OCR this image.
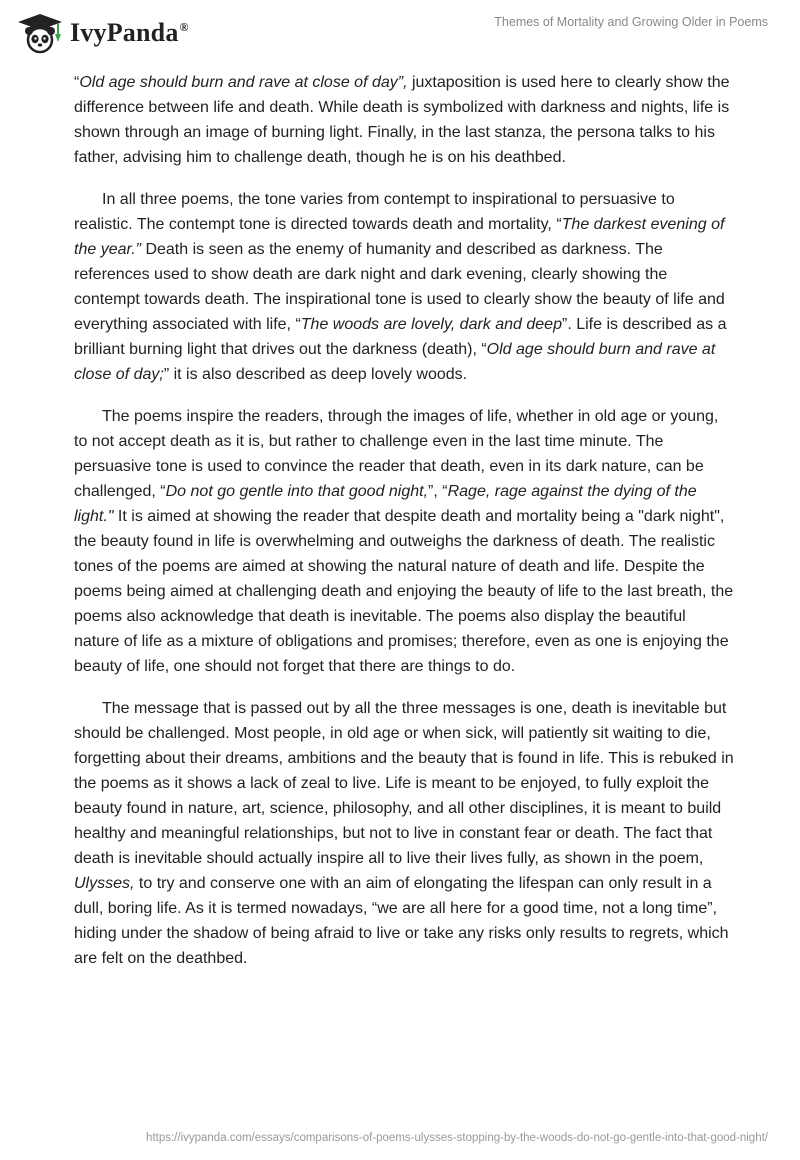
IvyPanda®	Themes of Mortality and Growing Older in Poems

“Old age should burn and rave at close of day”, juxtaposition is used here to clearly show the difference between life and death. While death is symbolized with darkness and nights, life is shown through an image of burning light. Finally, in the last stanza, the persona talks to his father, advising him to challenge death, though he is on his deathbed.

In all three poems, the tone varies from contempt to inspirational to persuasive to realistic. The contempt tone is directed towards death and mortality, “The darkest evening of the year.” Death is seen as the enemy of humanity and described as darkness. The references used to show death are dark night and dark evening, clearly showing the contempt towards death. The inspirational tone is used to clearly show the beauty of life and everything associated with life, “The woods are lovely, dark and deep”. Life is described as a brilliant burning light that drives out the darkness (death), “Old age should burn and rave at close of day;” it is also described as deep lovely woods.

The poems inspire the readers, through the images of life, whether in old age or young, to not accept death as it is, but rather to challenge even in the last time minute. The persuasive tone is used to convince the reader that death, even in its dark nature, can be challenged, “Do not go gentle into that good night,”, “Rage, rage against the dying of the light." It is aimed at showing the reader that despite death and mortality being a "dark night", the beauty found in life is overwhelming and outweighs the darkness of death. The realistic tones of the poems are aimed at showing the natural nature of death and life. Despite the poems being aimed at challenging death and enjoying the beauty of life to the last breath, the poems also acknowledge that death is inevitable. The poems also display the beautiful nature of life as a mixture of obligations and promises; therefore, even as one is enjoying the beauty of life, one should not forget that there are things to do.

The message that is passed out by all the three messages is one, death is inevitable but should be challenged. Most people, in old age or when sick, will patiently sit waiting to die, forgetting about their dreams, ambitions and the beauty that is found in life. This is rebuked in the poems as it shows a lack of zeal to live. Life is meant to be enjoyed, to fully exploit the beauty found in nature, art, science, philosophy, and all other disciplines, it is meant to build healthy and meaningful relationships, but not to live in constant fear or death. The fact that death is inevitable should actually inspire all to live their lives fully, as shown in the poem, Ulysses, to try and conserve one with an aim of elongating the lifespan can only result in a dull, boring life. As it is termed nowadays, “we are all here for a good time, not a long time”, hiding under the shadow of being afraid to live or take any risks only results to regrets, which are felt on the deathbed.

https://ivypanda.com/essays/comparisons-of-poems-ulysses-stopping-by-the-woods-do-not-go-gentle-into-that-good-night/
